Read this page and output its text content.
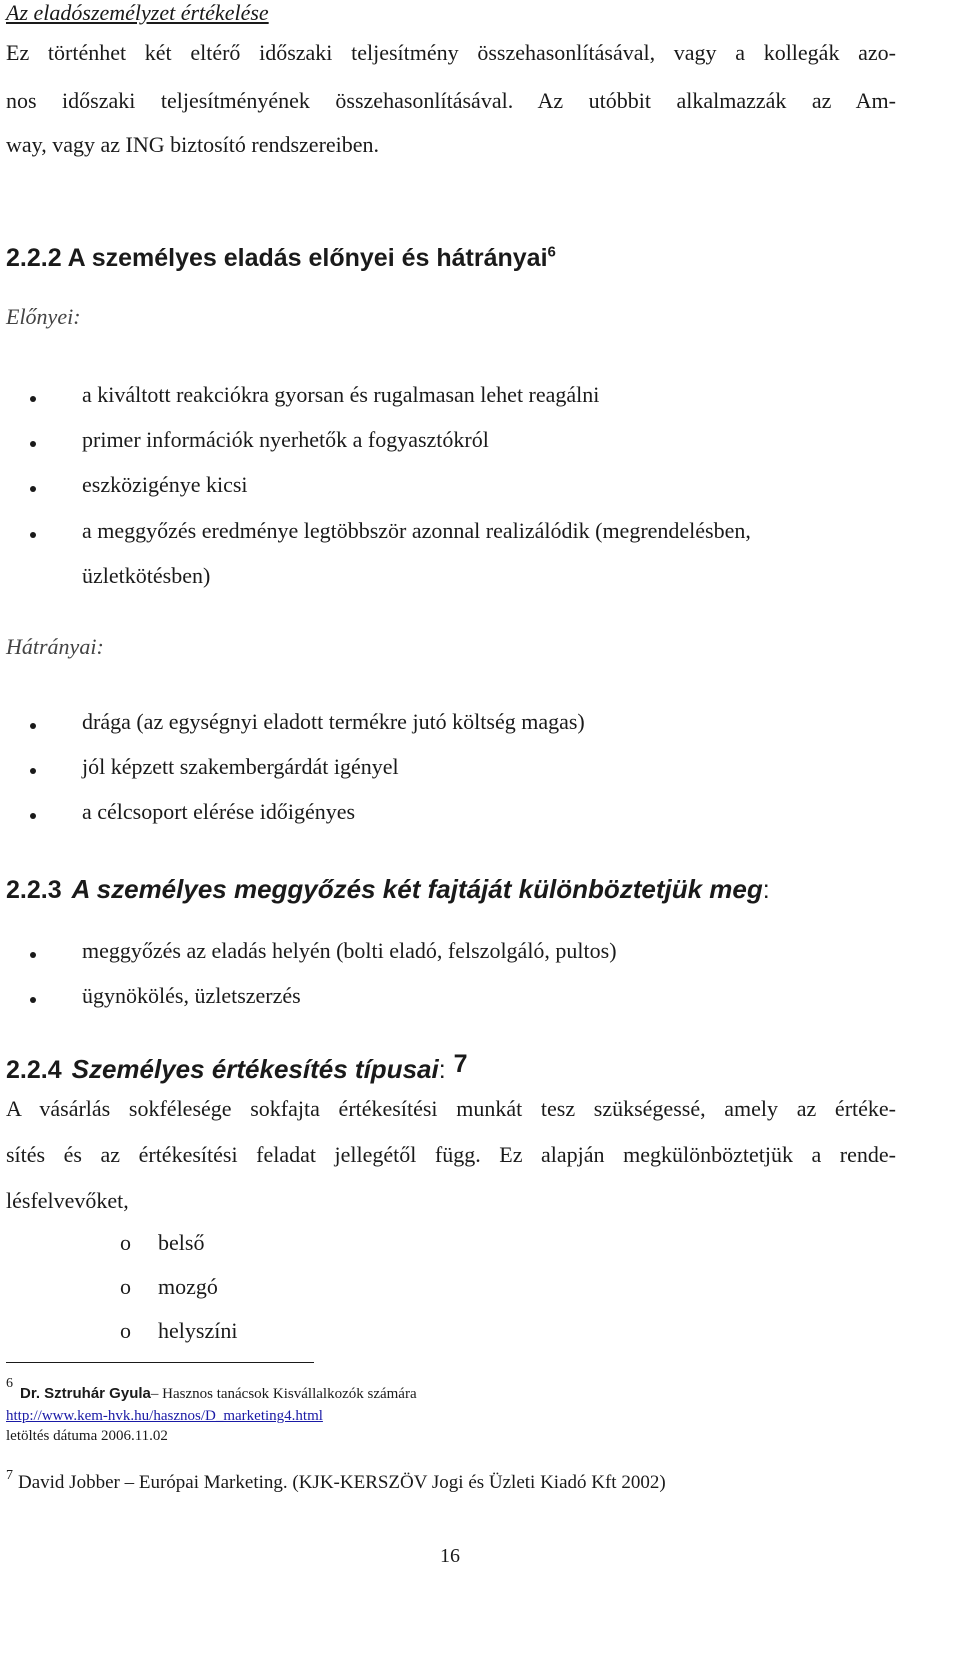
Az eladószemélyzet értékelése
Ez történhet két eltérő időszaki teljesítmény összehasonlításával, vagy a kollegák azo-
nos időszaki teljesítményének összehasonlításával. Az utóbbit alkalmazzák az Am-
way, vagy az ING biztosító rendszereiben.
2.2.2 A személyes eladás előnyei és hátrányai$^6$
Előnyei:
a kiváltott reakciókra gyorsan és rugalmasan lehet reagálni
primer információk nyerhetők a fogyasztókról
eszközigénye kicsi
a meggyőzés eredménye legtöbbször azonnal realizálódik (megrendelésben,
üzletkötésben)
Hátrányai:
drága (az egységnyi eladott termékre jutó költség magas)
jól képzett szakembergárdát igényel
a célcsoport elérése időigényes
2.2.3 A személyes meggyőzés két fajtáját különböztetjük meg:
meggyőzés az eladás helyén (bolti eladó, felszolgáló, pultos)
ügynökölés, üzletszerzés
2.2.4 Személyes értékesítés típusai: $^7$
A vásárlás sokfélesége sokfajta értékesítési munkát tesz szükségessé, amely az értéke-
sítés és az értékesítési feladat jellegétől függ. Ez alapján megkülönböztetjük a rende-
lésfelvevőket,
o belső
o mozgó
o helyszíni
6
Dr. Sztruhár Gyula– Hasznos tanácsok Kisvállalkozók számára
http://www.kem-hvk.hu/hasznos/D_marketing4.html
letöltés dátuma 2006.11.02
7 David Jobber – Európai Marketing. (KJK-KERSZÖV Jogi és Üzleti Kiadó Kft 2002)
16
